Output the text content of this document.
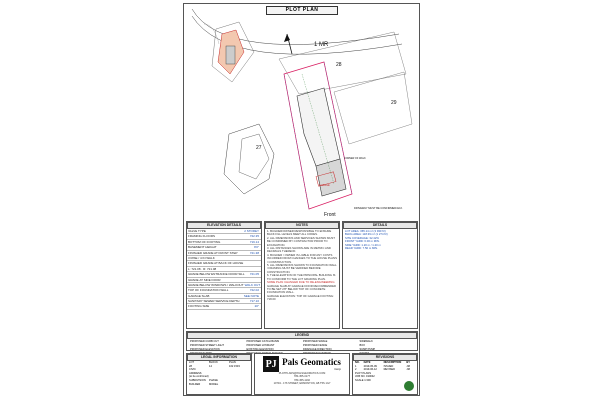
PLOT PLAN
1 MR
28
29
27
Front
DRIVEWAY MUST BE CONFIRMED/ADJ.
GARAGE
CORNER OF WALK
ELEVATION DETAILS
VALVE TYPE	2 STOREY
FRAMING FLOORS	722.35
BOTTOM OF FOOTING	719.14
BASEMENT HEIGHT	9'0"
FINISHED GRADE AT FRONT STEP	721.38
3 RISE / 4 IN WALK
FINISHED GRADE AT BACK OF HOUSE
L: 721.08 · R: 721.08
GRADE BELOW ENTRANCE DOOR SILL	721.05
GRADE AT SIDE DOOR
GRADE BELOW WINDOWS / WALKOUT WALK OUT
TOP OF FOUNDATION WALL	722.02
GARAGE SLAB	SEE NOTE
SANITARY SEWER SERVICE DEPTH	717.10
FOOTING SIZE	20"
NOTES
1. BUILDER/OWNER RESPONSIBLE TO ENSURE BACK FILL LEVELS MEET ALL CODES.
2. ALL DIMENSIONS AND SERVICES SHOWN MUST BE CONFIRMED BY CONTRACTOR PRIOR TO EXCAVATION.
3. ALL DISTANCES SHOWN ARE IN METRIC AND DECIMALS THEREOF.
4. BUILDER / OWNER IS LIABLE FOR ANY COSTS INCURRED FROM CHANGES TO THE HOUSE PLANS / CONSTRUCTION.
5. ALL DIMENSIONS SHOWN TO FOUNDATION WALL / FRAMING MUST BE VERIFIED BEFORE CONSTRUCTION.
6. THE ELEVATION OF THE PRINCIPAL BUILDING IS TO CONFORM TO THE LOT GRADING PLAN.
SOME PLAN CHANGED DUE TO RE-ENGINEERING
GARAGE SLAB AT GARAGE DOOR RECOMMENDED TO BE SET 2'8" BELOW TOP OF CONCRETE FOUNDATION WALL.
GARAGE ELEVATION: TOP OF GARAGE FOOTING: 718.00
DETAILS
LOT AREA: 365.14 m² (3 930 ft²)
BLDG AREA: 118.39 m² (1 274 ft²)
SITE COVERAGE: 32.42%
FRONT YARD: 6.00 m MIN.
SIDE YARD: 1.20 m / 1.20 m
REAR YARD: 7.50 m MIN.
LEGEND
PROPOSED CURB CUT	PROPOSED CATCH BASIN	PROPOSED SWALE	SIDEWALK
PROPOSED STREET LIGHT	PROPOSED HYDRANT	PROPOSED FENCE	BOX
PROPOSED ELEVATION	EXISTING ELEVATION	DRAINAGE DIRECTION	SUMP PUMP
LEGAL INFORMATION
LOT	BLOCK	PLAN
28	14	162 1533
CIVIC ADDRESS
(to be confirmed)
SUBDIVISION	PHASE
BUILDER	MODEL
PJ Pals Geomatics
Corp
PLOTPLANS@PALSGEOMATICS.COM
780-455-3177
780-455-1192
10704 - 176 STREET, EDMONTON, AB T5S 1G7
REVISIONS
NO.	DATE	DESCRIPTION	BY
1	2019-05-09	ISSUED	JM
2	2019-06-12	REVISED	JM
PLOT PLANS
JOB NO. 190042
SCALE 1:300
